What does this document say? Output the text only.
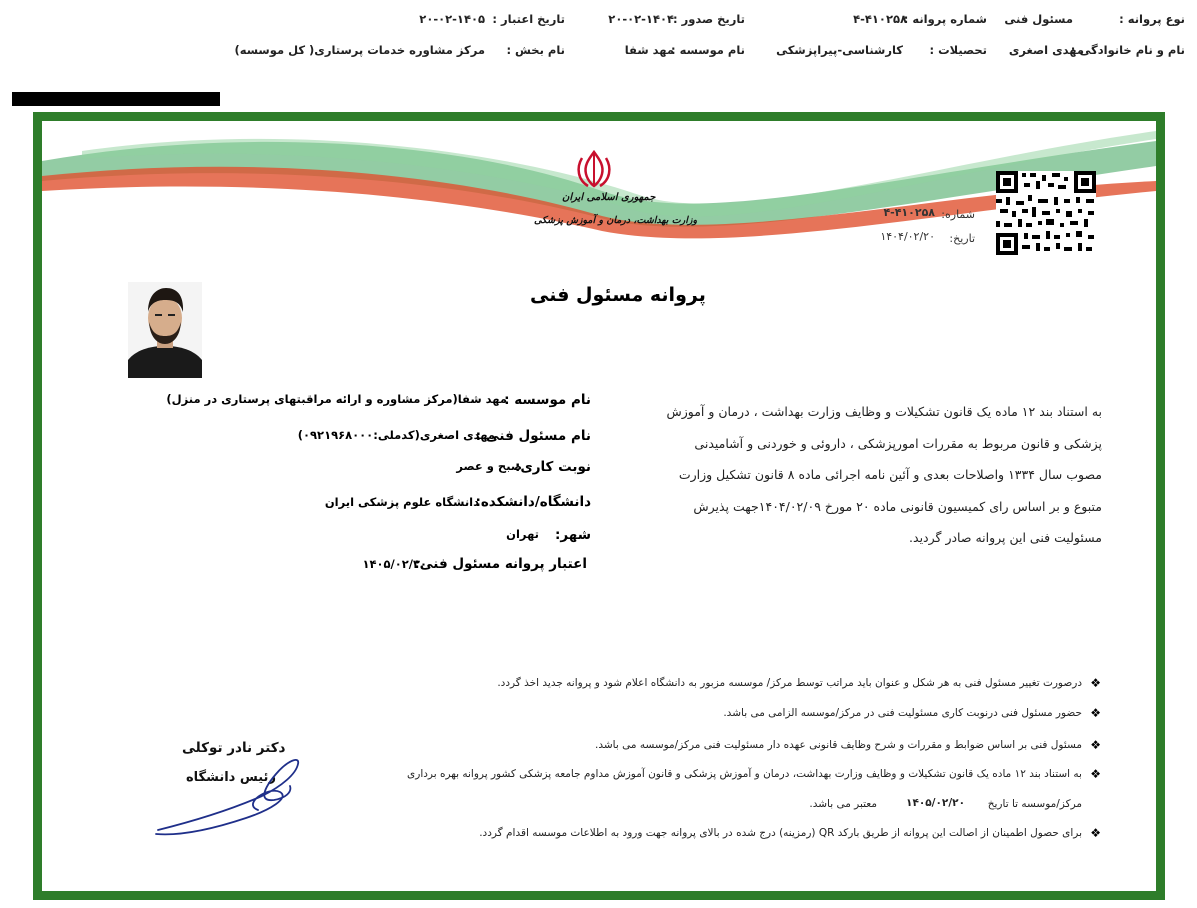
نوع پروانه :
مسئول فنی
شماره پروانه :
۴-۴۱۰۲۵۸
تاریخ صدور :
۲۰-۰۲-۱۴۰۴
تاریخ اعتبار :
۲۰-۰۲-۱۴۰۵
نام و نام خانوادگی :
مهدی اصغری
تحصیلات :
کارشناسی-پیراپزشکی
نام موسسه :
مهد شفا
نام بخش :
مرکز مشاوره خدمات پرستاری( کل موسسه)
جمهوری اسلامی ایران
وزارت بهداشت، درمان و آموزش پزشکی	شماره:
۴-۴۱۰۲۵۸
تاریخ:
۱۴۰۴/۰۲/۲۰
پروانه مسئول فنی
به استناد بند ۱۲ ماده یک قانون تشکیلات و وظایف وزارت بهداشت ، درمان و آموزش
پزشکی و قانون مربوط به مقررات امورپزشکی ، داروئی و خوردنی و آشامیدنی
مصوب سال ۱۳۳۴ واصلاحات بعدی و آئین نامه اجرائی ماده ۸ قانون تشکیل وزارت
متبوع و بر اساس رای کمیسیون قانونی ماده ۲۰ مورخ ۱۴۰۴/۰۲/۰۹جهت پذیرش
مسئولیت فنی این پروانه صادر گردید.
نام موسسه :
مهد شفا(مرکز مشاوره و ارائه مراقبتهای پرستاری در منزل)
نام مسئول فنی :
مهدی اصغری(کدملی:۰۹۲۱۹۶۸۰۰۰)
نوبت کاری:
صبح و عصر
دانشگاه/دانشکده:
دانشگاه علوم پزشکی ایران
شهر:
تهران
اعتبار پروانه مسئول فنی:
۱۴۰۵/۰۲/۲۰
❖
درصورت تغییر مسئول فنی به هر شکل و عنوان باید مراتب توسط مرکز/ موسسه مزبور به دانشگاه اعلام شود و پروانه جدید اخذ گردد.
❖
حضور مسئول فنی درنوبت کاری مسئولیت فنی در مرکز/موسسه الزامی می باشد.
❖
مسئول فنی بر اساس ضوابط و مقررات و شرح وظایف قانونی عهده دار مسئولیت فنی مرکز/موسسه می باشد.
❖
به استناد بند ۱۲ ماده یک قانون تشکیلات و وظایف وزارت بهداشت، درمان و آموزش پزشکی و قانون آموزش مداوم جامعه پزشکی کشور پروانه بهره برداری
مرکز/موسسه تا تاریخ
۱۴۰۵/۰۲/۲۰
معتبر می باشد.
❖
برای حصول اطمینان از اصالت این پروانه از طریق بارکد QR (رمزینه) درج شده در بالای پروانه جهت ورود به اطلاعات موسسه اقدام گردد.
دکتر نادر توکلی
رئیس دانشگاه
